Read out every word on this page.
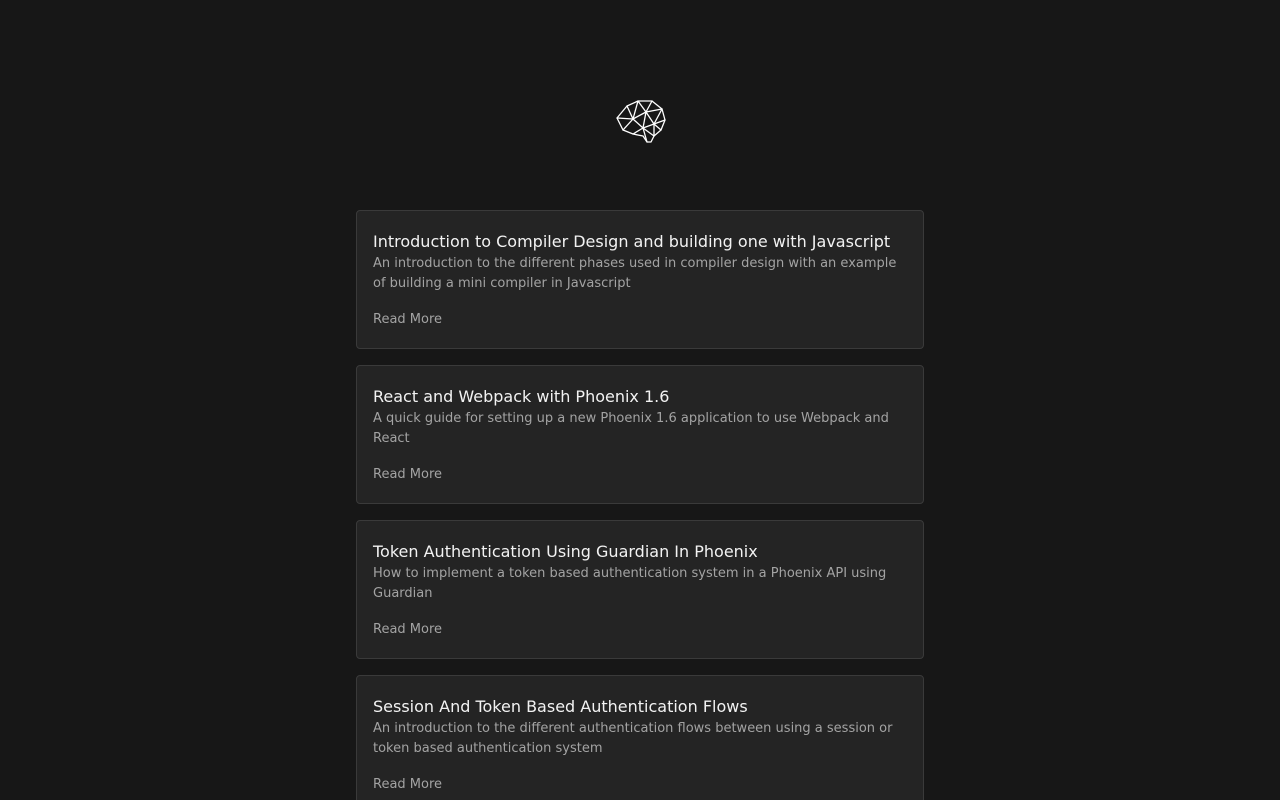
Introduction to Compiler Design and building one with Javascript

An introduction to the different phases used in compiler design with an example of building a mini compiler in Javascript

Read More
React and Webpack with Phoenix 1.6

A quick guide for setting up a new Phoenix 1.6 application to use Webpack and React

Read More
Token Authentication Using Guardian In Phoenix

How to implement a token based authentication system in a Phoenix API using Guardian

Read More
Session And Token Based Authentication Flows

An introduction to the different authentication flows between using a session or token based authentication system

Read More
